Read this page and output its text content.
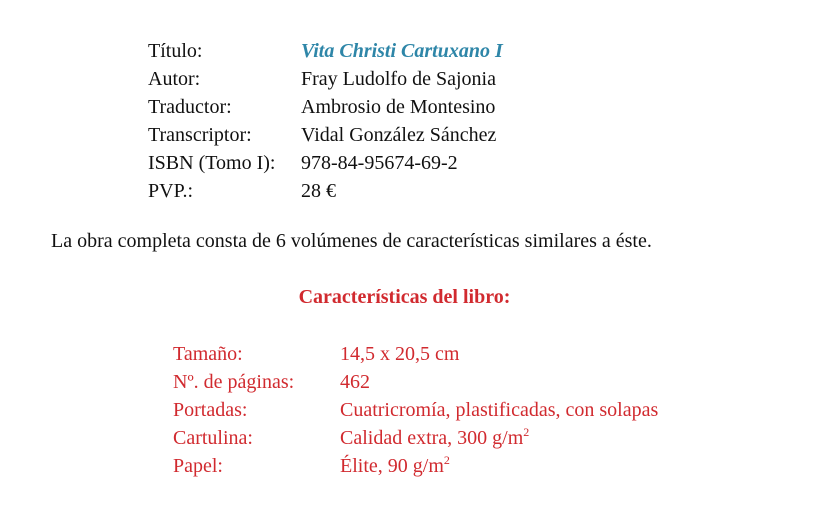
Título:	Vita Christi Cartuxano I
Autor:	Fray Ludolfo de Sajonia
Traductor:	Ambrosio de Montesino
Transcriptor: Vidal González Sánchez
ISBN (Tomo I): 978-84-95674-69-2
PVP.:	28 €
La obra completa consta de 6 volúmenes de características similares a éste.
Características del libro:
Tamaño:	14,5 x 20,5 cm
Nº. de páginas: 462
Portadas:	Cuatricromía, plastificadas, con solapas
Cartulina:	Calidad extra, 300 $g/m^2$
Papel:	Élite, 90 $g/m^2$
